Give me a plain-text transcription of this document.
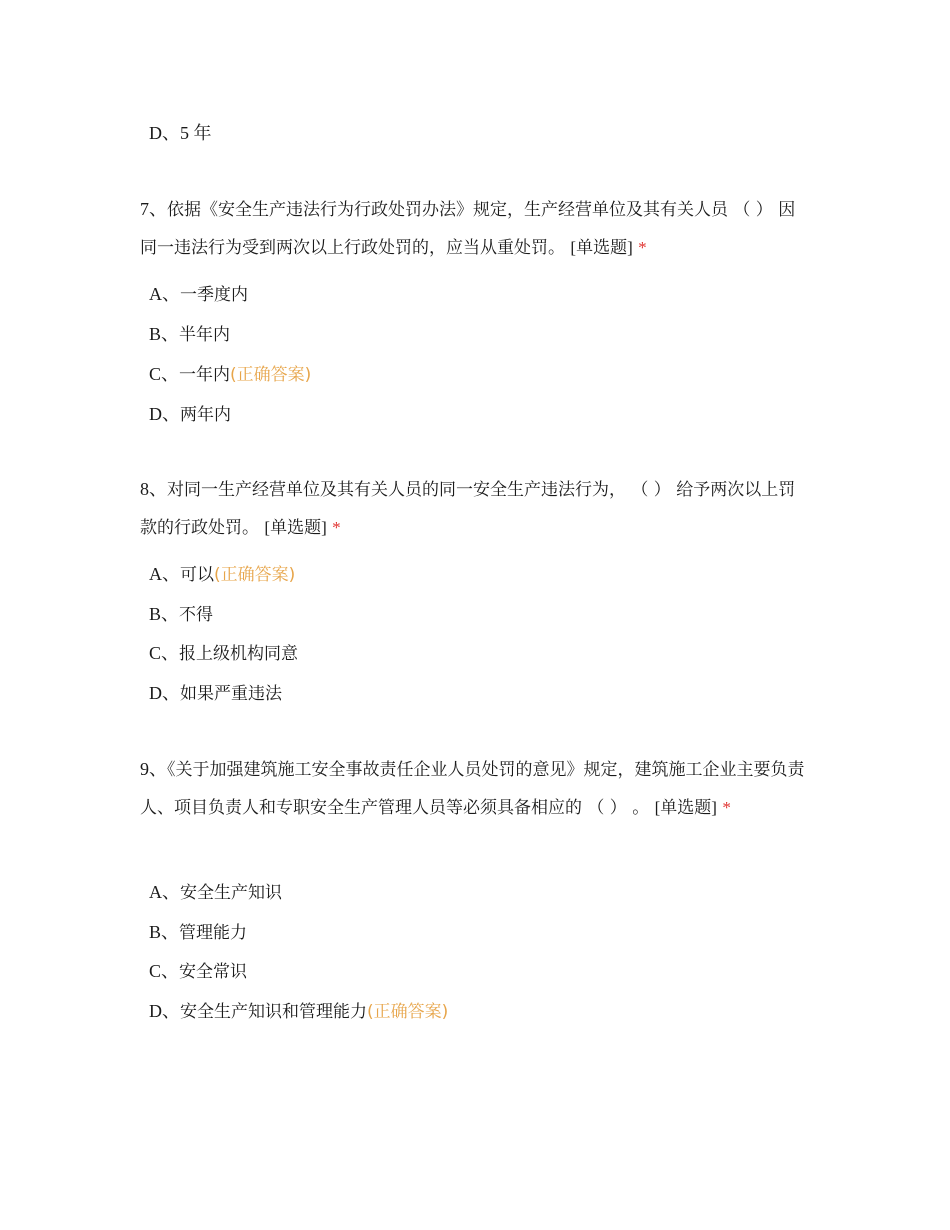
D、5 年

7、依据《安全生产违法行为行政处罚办法》规定，生产经营单位及其有关人员 （ ） 因同一违法行为受到两次以上行政处罚的，应当从重处罚。 [单选题] *

A、一季度内
B、半年内
C、一年内(正确答案)
D、两年内

8、对同一生产经营单位及其有关人员的同一安全生产违法行为， （ ） 给予两次以上罚款的行政处罚。 [单选题] *

A、可以(正确答案)
B、不得
C、报上级机构同意
D、如果严重违法

9、《关于加强建筑施工安全事故责任企业人员处罚的意见》规定，建筑施工企业主要负责人、项目负责人和专职安全生产管理人员等必须具备相应的 （ ） 。 [单选题] *

A、安全生产知识
B、管理能力
C、安全常识
D、安全生产知识和管理能力(正确答案)
